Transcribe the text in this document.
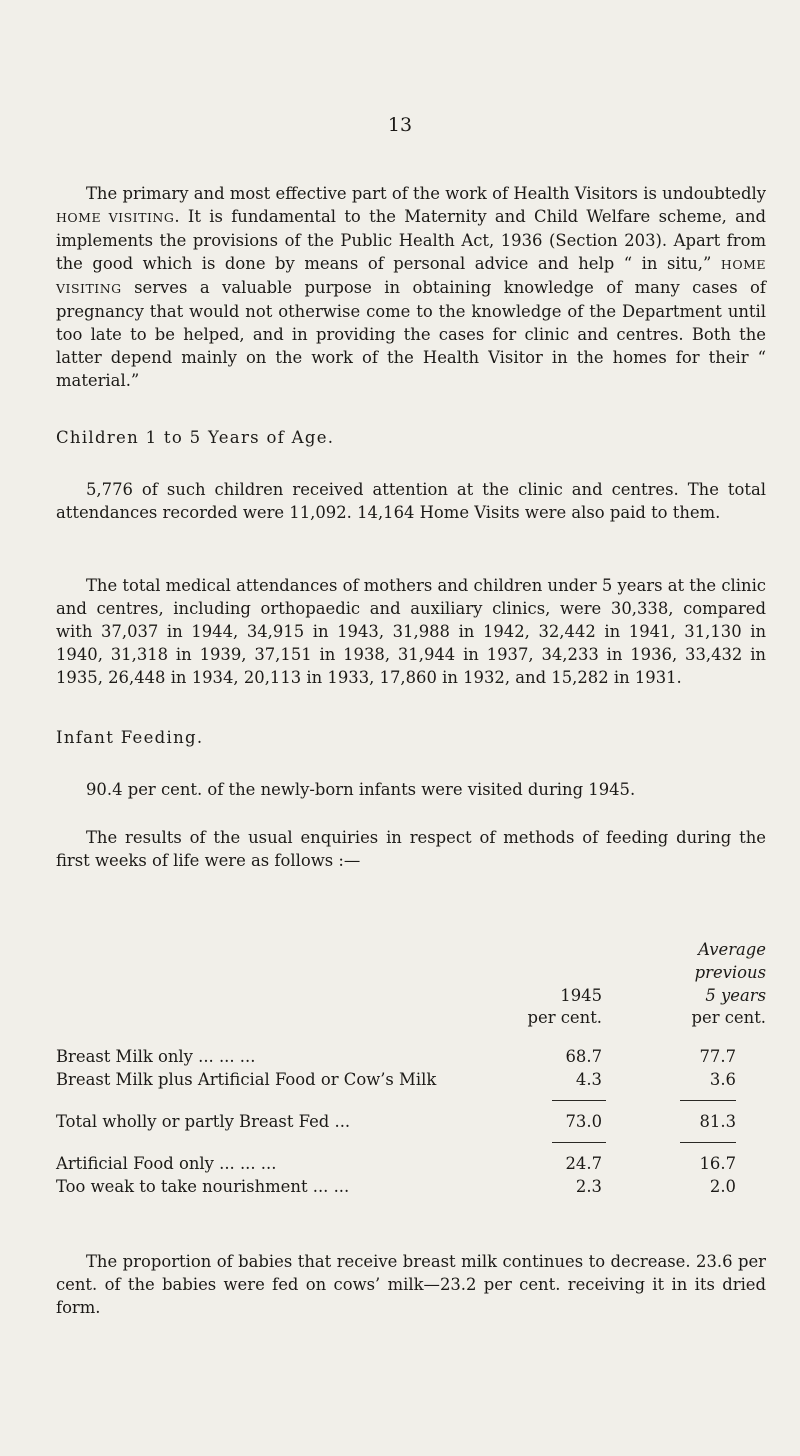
13

The primary and most effective part of the work of Health Visitors is undoubtedly HOME VISITING. It is fundamental to the Maternity and Child Welfare scheme, and implements the provisions of the Public Health Act, 1936 (Section 203). Apart from the good which is done by means of personal advice and help “ in situ,” HOME VISITING serves a valuable purpose in obtaining knowledge of many cases of pregnancy that would not otherwise come to the knowledge of the Department until too late to be helped, and in providing the cases for clinic and centres. Both the latter depend mainly on the work of the Health Visitor in the homes for their “ material.”

Children 1 to 5 Years of Age.

5,776 of such children received attention at the clinic and centres. The total attendances recorded were 11,092. 14,164 Home Visits were also paid to them.

The total medical attendances of mothers and children under 5 years at the clinic and centres, including orthopaedic and auxiliary clinics, were 30,338, compared with 37,037 in 1944, 34,915 in 1943, 31,988 in 1942, 32,442 in 1941, 31,130 in 1940, 31,318 in 1939, 37,151 in 1938, 31,944 in 1937, 34,233 in 1936, 33,432 in 1935, 26,448 in 1934, 20,113 in 1933, 17,860 in 1932, and 15,282 in 1931.

Infant Feeding.

90.4 per cent. of the newly-born infants were visited during 1945.

The results of the usual enquiries in respect of methods of feeding during the first weeks of life were as follows :—

1945
per cent.
Average
previous
5 years
per cent.
Breast Milk only ... ... ...	68.7	77.7
Breast Milk plus Artificial Food or Cow’s Milk	4.3	3.6
Total wholly or partly Breast Fed ...	73.0	81.3
Artificial Food only ... ... ...	24.7	16.7
Too weak to take nourishment ... ...	2.3	2.0

The proportion of babies that receive breast milk continues to decrease. 23.6 per cent. of the babies were fed on cows’ milk—23.2 per cent. receiving it in its dried form.
